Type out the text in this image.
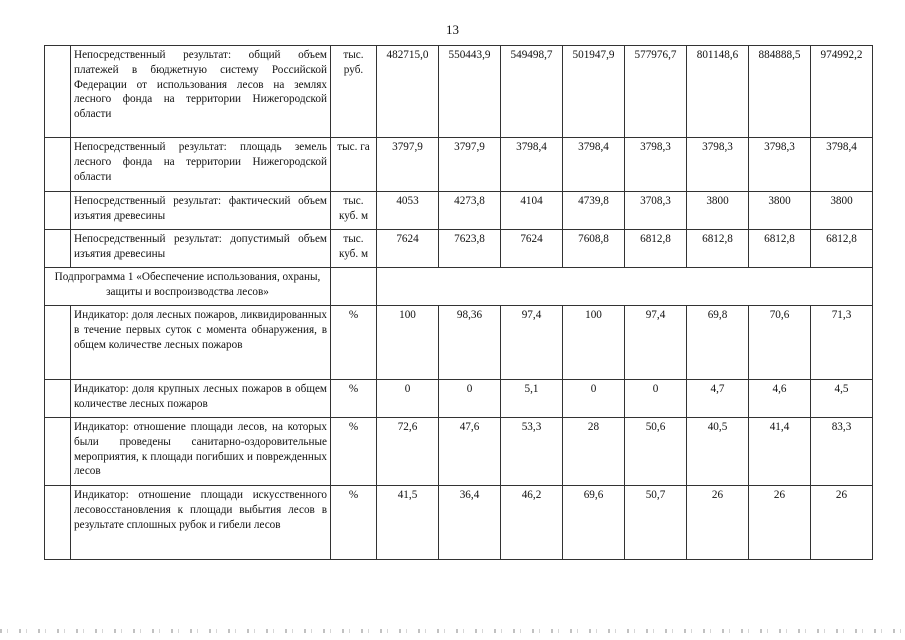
13
	Непосредственный результат: общий объем платежей в бюджетную систему Российской Федерации от использования лесов на землях лесного фонда на территории Нижегородской области	тыс. руб.	482715,0	550443,9	549498,7	501947,9	577976,7	801148,6	884888,5	974992,2
	Непосредственный результат: площадь земель лесного фонда на территории Нижегородской области	тыс. га	3797,9	3797,9	3798,4	3798,4	3798,3	3798,3	3798,3	3798,4
	Непосредственный результат: фактический объем изъятия древесины	тыс. куб. м	4053	4273,8	4104	4739,8	3708,3	3800	3800	3800
	Непосредственный результат: допустимый объем изъятия древесины	тыс. куб. м	7624	7623,8	7624	7608,8	6812,8	6812,8	6812,8	6812,8
Подпрограмма 1 «Обеспечение использования, охраны, защиты и воспроизводства лесов»										
	Индикатор: доля лесных пожаров, ликвидированных в течение первых суток с момента обнаружения, в общем количестве лесных пожаров	%	100	98,36	97,4	100	97,4	69,8	70,6	71,3
	Индикатор: доля крупных лесных пожаров в общем количестве лесных пожаров	%	0	0	5,1	0	0	4,7	4,6	4,5
	Индикатор: отношение площади лесов, на которых были проведены санитарно-оздоровительные мероприятия, к площади погибших и поврежденных лесов	%	72,6	47,6	53,3	28	50,6	40,5	41,4	83,3
	Индикатор: отношение площади искусственного лесовосстановления к площади выбытия лесов в результате сплошных рубок и гибели лесов	%	41,5	36,4	46,2	69,6	50,7	26	26	26
